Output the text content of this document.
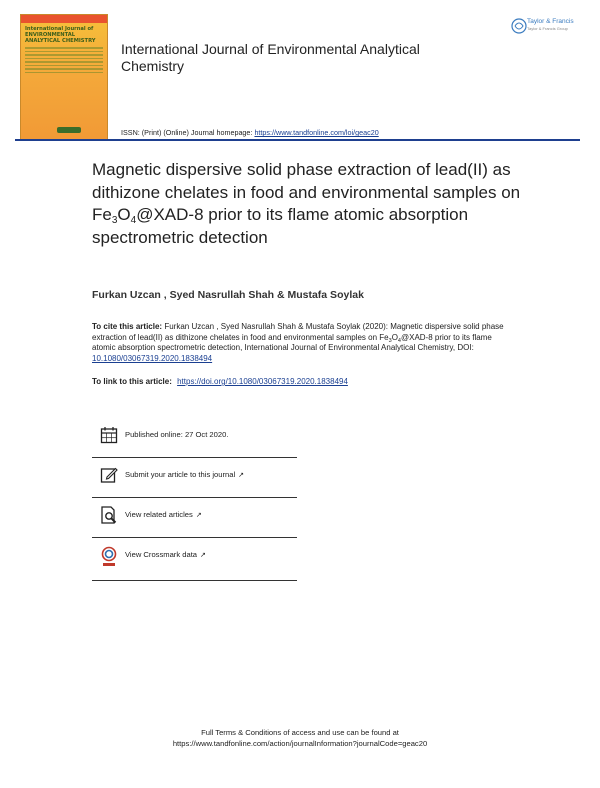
International Journal of ENVIRONMENTAL ANALYTICAL CHEMISTRY	International Journal of Environmental Analytical Chemistry
ISSN: (Print) (Online) Journal homepage: https://www.tandfonline.com/loi/geac20
Taylor & Francis
Taylor & Francis Group
Magnetic dispersive solid phase extraction of lead(II) as dithizone chelates in food and environmental samples on $Fe_3O_4@XAD-8$ prior to its flame atomic absorption spectrometric detection
Furkan Uzcan , Syed Nasrullah Shah & Mustafa Soylak
To cite this article: Furkan Uzcan , Syed Nasrullah Shah & Mustafa Soylak (2020): Magnetic dispersive solid phase extraction of lead(II) as dithizone chelates in food and environmental samples on $Fe_3O_4@XAD-8$ prior to its flame atomic absorption spectrometric detection, International Journal of Environmental Analytical Chemistry, DOI: 10.1080/03067319.2020.1838494
To link to this article: https://doi.org/10.1080/03067319.2020.1838494
Published online: 27 Oct 2020.
Submit your article to this journal ↗
View related articles ↗
View Crossmark data ↗
Full Terms & Conditions of access and use can be found at
https://www.tandfonline.com/action/journalInformation?journalCode=geac20
